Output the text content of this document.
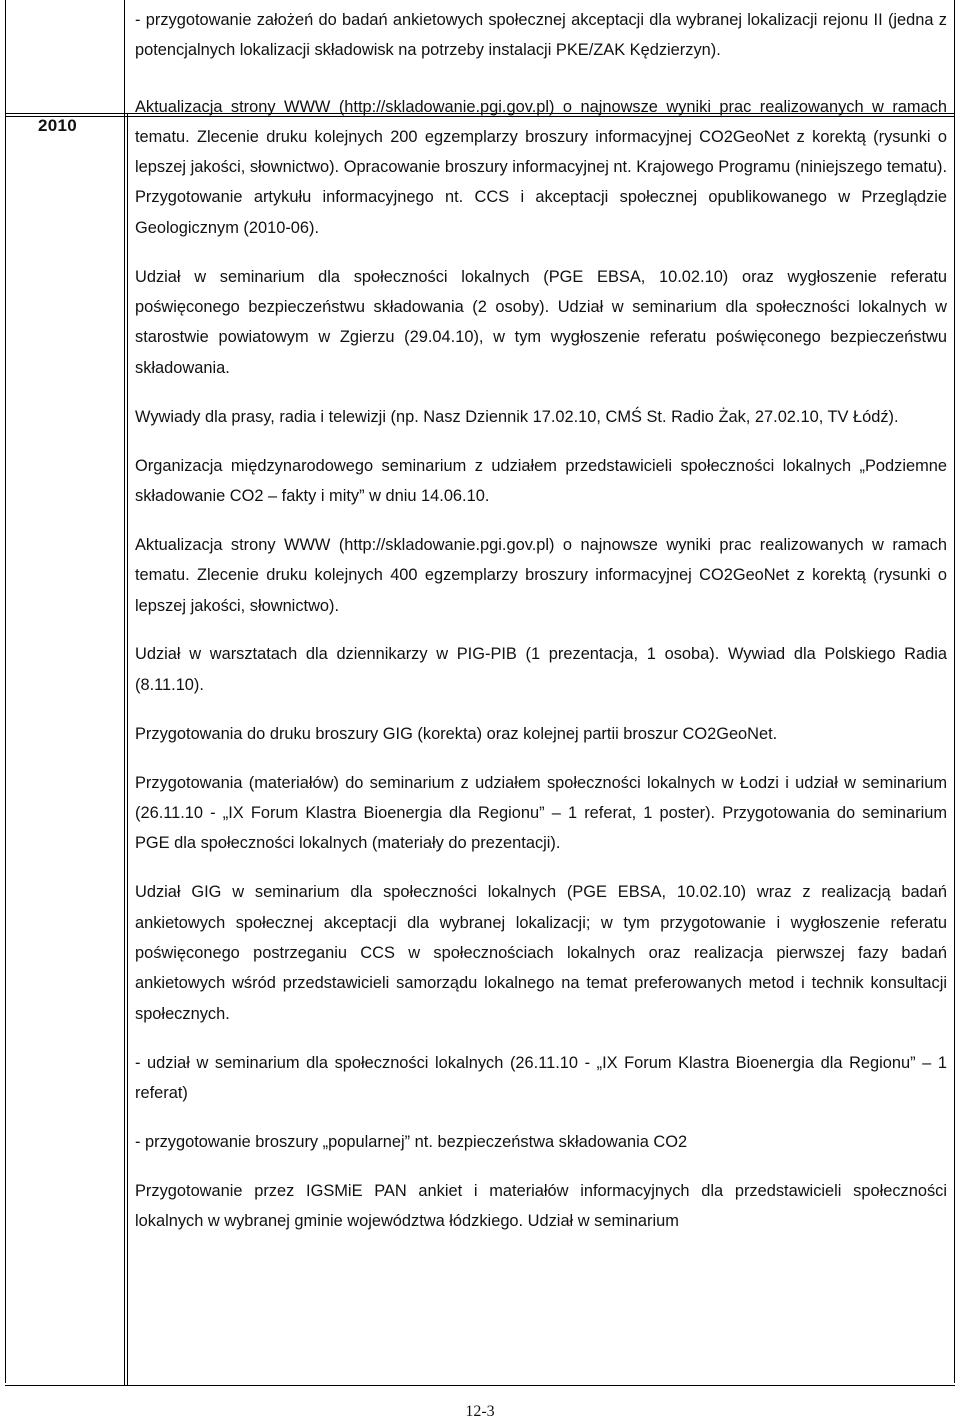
2010

- przygotowanie założeń do badań ankietowych społecznej akceptacji dla wybranej lokalizacji rejonu II (jedna z potencjalnych lokalizacji składowisk na potrzeby instalacji PKE/ZAK Kędzierzyn).

Aktualizacja strony WWW (http://skladowanie.pgi.gov.pl) o najnowsze wyniki prac realizowanych w ramach tematu. Zlecenie druku kolejnych 200 egzemplarzy broszury informacyjnej CO2GeoNet z korektą (rysunki o lepszej jakości, słownictwo). Opracowanie broszury informacyjnej nt. Krajowego Programu (niniejszego tematu). Przygotowanie artykułu informacyjnego nt. CCS i akceptacji społecznej opublikowanego w Przeglądzie Geologicznym (2010-06).

Udział w seminarium dla społeczności lokalnych (PGE EBSA, 10.02.10) oraz wygłoszenie referatu poświęconego bezpieczeństwu składowania (2 osoby). Udział w seminarium dla społeczności lokalnych w starostwie powiatowym w Zgierzu (29.04.10), w tym wygłoszenie referatu poświęconego bezpieczeństwu składowania.

Wywiady dla prasy, radia i telewizji (np. Nasz Dziennik 17.02.10, CMŚ St. Radio Żak, 27.02.10, TV Łódź).

Organizacja międzynarodowego seminarium z udziałem przedstawicieli społeczności lokalnych „Podziemne składowanie CO2 – fakty i mity” w dniu 14.06.10.

Aktualizacja strony WWW (http://skladowanie.pgi.gov.pl) o najnowsze wyniki prac realizowanych w ramach tematu. Zlecenie druku kolejnych 400 egzemplarzy broszury informacyjnej CO2GeoNet z korektą (rysunki o lepszej jakości, słownictwo).

Udział w warsztatach dla dziennikarzy w PIG-PIB (1 prezentacja, 1 osoba). Wywiad dla Polskiego Radia (8.11.10).

Przygotowania do druku broszury GIG (korekta) oraz kolejnej partii broszur CO2GeoNet.

Przygotowania (materiałów) do seminarium z udziałem społeczności lokalnych w Łodzi i udział w seminarium (26.11.10 - „IX Forum Klastra Bioenergia dla Regionu” – 1 referat, 1 poster). Przygotowania do seminarium PGE dla społeczności lokalnych (materiały do prezentacji).

Udział GIG w seminarium dla społeczności lokalnych (PGE EBSA, 10.02.10) wraz z realizacją badań ankietowych społecznej akceptacji dla wybranej lokalizacji; w tym przygotowanie i wygłoszenie referatu poświęconego postrzeganiu CCS w społecznościach lokalnych oraz realizacja pierwszej fazy badań ankietowych wśród przedstawicieli samorządu lokalnego na temat preferowanych metod i technik konsultacji społecznych.

- udział w seminarium dla społeczności lokalnych (26.11.10 - „IX Forum Klastra Bioenergia dla Regionu” – 1 referat)

- przygotowanie broszury „popularnej” nt. bezpieczeństwa składowania CO2

Przygotowanie przez IGSMiE PAN ankiet i materiałów informacyjnych dla przedstawicieli społeczności lokalnych w wybranej gminie województwa łódzkiego. Udział w seminarium

12-3
